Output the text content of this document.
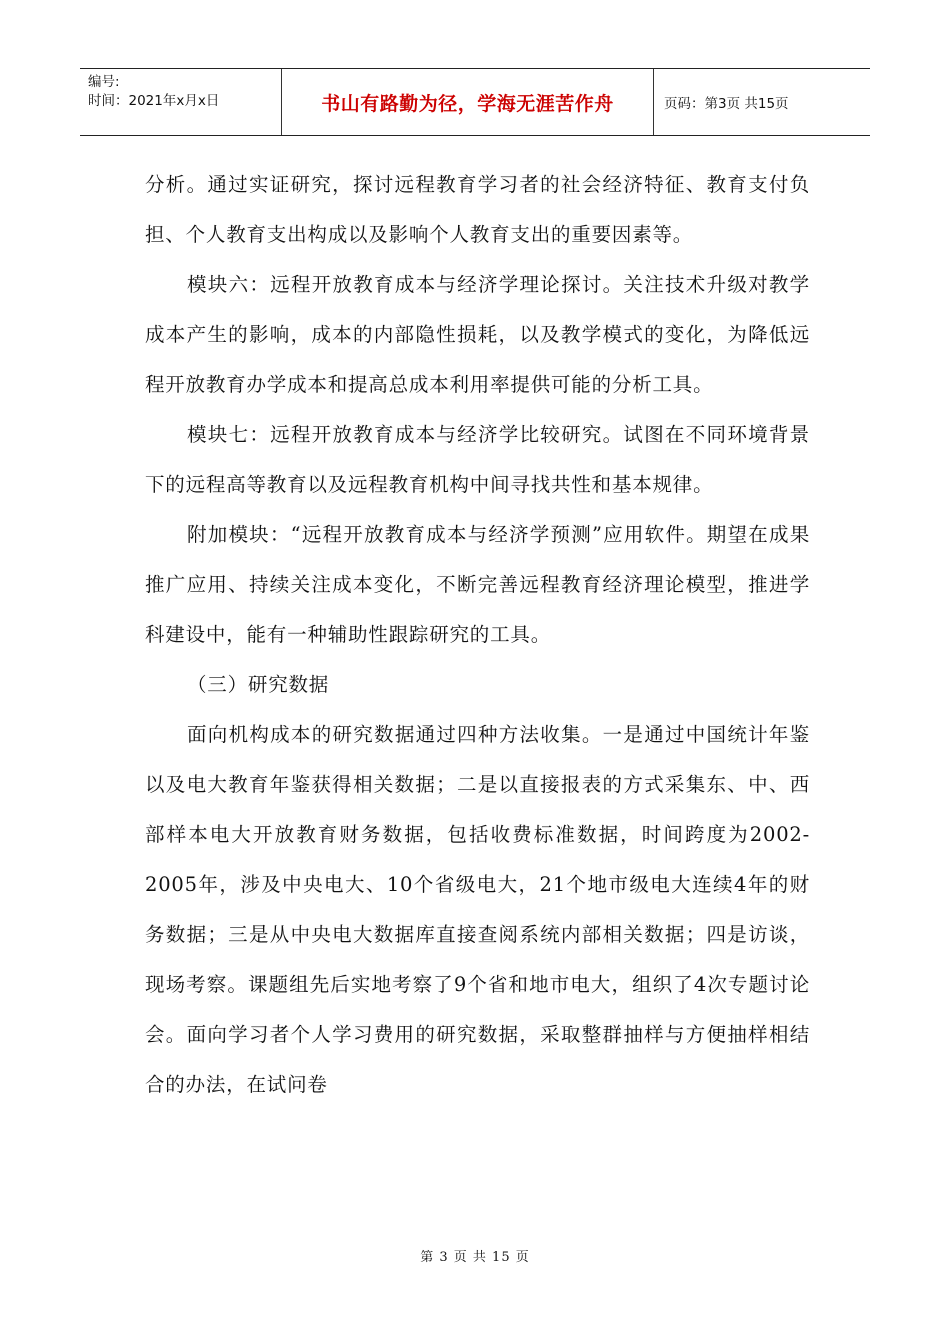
编号:
时间：2021年x月x日	书山有路勤为径，学海无涯苦作舟	页码：第3页 共15页

分析。通过实证研究，探讨远程教育学习者的社会经济特征、教育支付负担、个人教育支出构成以及影响个人教育支出的重要因素等。

模块六：远程开放教育成本与经济学理论探讨。关注技术升级对教学成本产生的影响，成本的内部隐性损耗，以及教学模式的变化，为降低远程开放教育办学成本和提高总成本利用率提供可能的分析工具。

模块七：远程开放教育成本与经济学比较研究。试图在不同环境背景下的远程高等教育以及远程教育机构中间寻找共性和基本规律。

附加模块：“远程开放教育成本与经济学预测”应用软件。期望在成果推广应用、持续关注成本变化，不断完善远程教育经济理论模型，推进学科建设中，能有一种辅助性跟踪研究的工具。

（三）研究数据

面向机构成本的研究数据通过四种方法收集。一是通过中国统计年鉴以及电大教育年鉴获得相关数据；二是以直接报表的方式采集东、中、西部样本电大开放教育财务数据，包括收费标准数据，时间跨度为2002-2005年，涉及中央电大、10个省级电大，21个地市级电大连续4年的财务数据；三是从中央电大数据库直接查阅系统内部相关数据；四是访谈，现场考察。课题组先后实地考察了9个省和地市电大，组织了4次专题讨论会。面向学习者个人学习费用的研究数据，采取整群抽样与方便抽样相结合的办法，在试问卷

第 3 页 共 15 页
